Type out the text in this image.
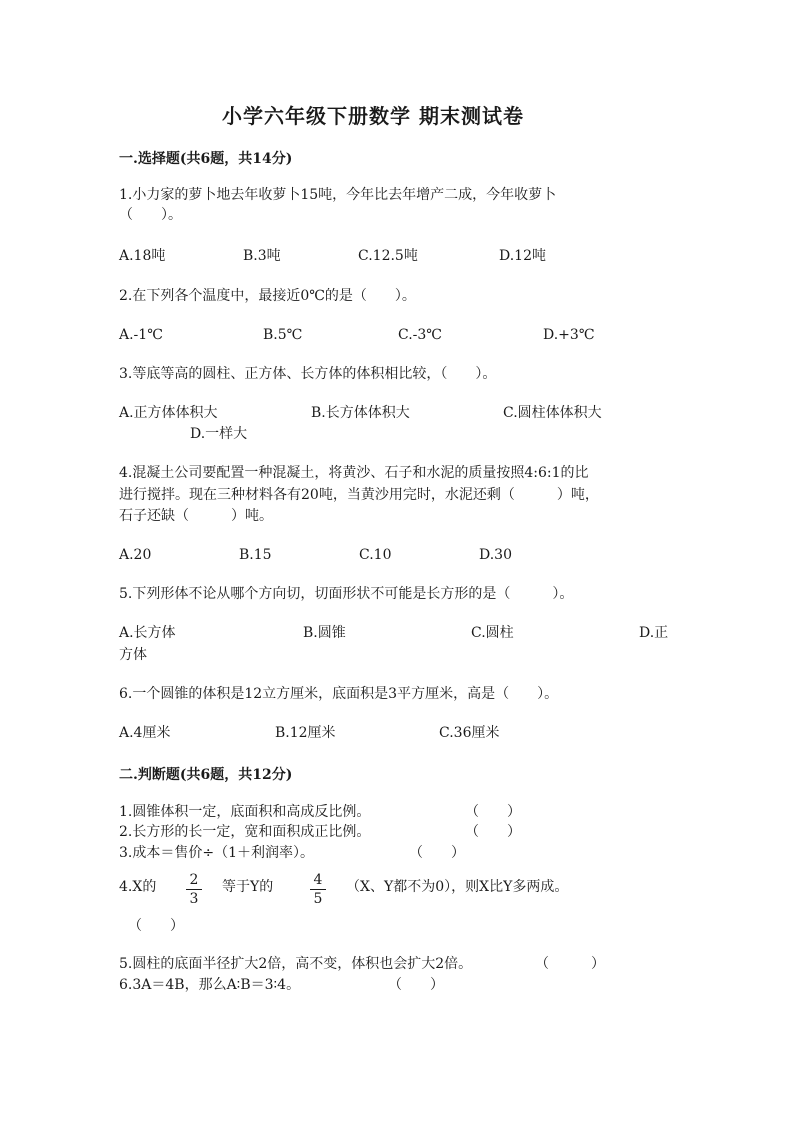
小学六年级下册数学 期末测试卷
一.选择题(共6题，共14分)
1.小力家的萝卜地去年收萝卜15吨，今年比去年增产二成，今年收萝卜
（　　）。
A.18吨	B.3吨	C.12.5吨	D.12吨
2.在下列各个温度中，最接近0℃的是（　　）。
A.-1℃	B.5℃	C.-3℃	D.+3℃
3.等底等高的圆柱、正方体、长方体的体积相比较，（　　）。
A.正方体体积大	B.长方体体积大	C.圆柱体体积大
D.一样大
4.混凝土公司要配置一种混凝土，将黄沙、石子和水泥的质量按照4:6:1的比
进行搅拌。现在三种材料各有20吨，当黄沙用完时，水泥还剩（　　　）吨，
石子还缺（　　　）吨。
A.20	B.15	C.10	D.30
5.下列形体不论从哪个方向切，切面形状不可能是长方形的是（　　　）。
A.长方体	B.圆锥	C.圆柱	D.正
方体
6.一个圆锥的体积是12立方厘米，底面积是3平方厘米，高是（　　）。
A.4厘米	B.12厘米	C.36厘米
二.判断题(共6题，共12分)
1.圆锥体积一定，底面积和高成反比例。	（　　）
2.长方形的长一定，宽和面积成正比例。	（　　）
3.成本＝售价÷（1＋利润率）。	（　　）
4.X的 2
3
等于Y的	4
5
（X、Y都不为0），则X比Y多两成。
（　　）
5.圆柱的底面半径扩大2倍，高不变，体积也会扩大2倍。	（　　　）
6.3A＝4B，那么A∶B＝3∶4。	（　　）
